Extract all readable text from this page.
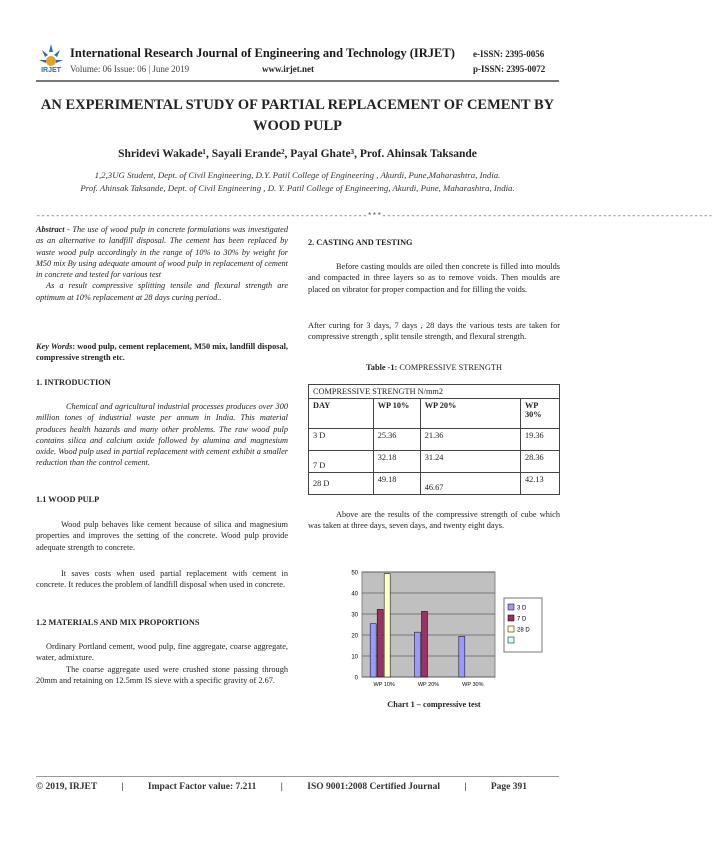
IRJET
International Research Journal of Engineering and Technology (IRJET) e-ISSN: 2395-0056
Volume: 06 Issue: 06 | June 2019	www.irjet.net	p-ISSN: 2395-0072
AN EXPERIMENTAL STUDY OF PARTIAL REPLACEMENT OF CEMENT BY WOOD PULP
Shridevi Wakade¹, Sayali Erande², Payal Ghate³, Prof. Ahinsak Taksande
1,2,3UG Student, Dept. of Civil Engineering, D.Y. Patil College of Engineering , Akurdi, Pune,Maharashtra, India.
Prof. Ahinsak Taksande, Dept. of Civil Engineering , D. Y. Patil College of Engineering, Akurdi, Pune, Maharashtra, India.
---------------------------------------------------------------------***---------------------------------------------------------------------
Abstract - The use of wood pulp in concrete formulations was investigated as an alternative to landfill disposal. The cement has been replaced by waste wood pulp accordingly in the range of 10% to 30% by weight for M50 mix By using adequate amount of wood pulp in replacement of cement in concrete and tested for various test
As a result compressive splitting tensile and flexural strength are optimum at 10% replacement at 28 days curing period..
Key Words: wood pulp, cement replacement, M50 mix, landfill disposal, compressive strength etc.
1. INTRODUCTION
Chemical and agricultural industrial processes produces over 300 million tones of industrial waste per annum in India. This material produces health hazards and many other problems. The raw wood pulp contains silica and calcium oxide followed by alumina and magnesium oxide. Wood pulp used in partial replacement with cement exhibit a smaller reduction than the control cement.
1.1 WOOD PULP
Wood pulp behaves like cement because of silica and magnesium properties and improves the setting of the concrete. Wood pulp provide adequate strength to concrete.
It saves costs when used partial replacement with cement in concrete. It reduces the problem of landfill disposal when used in concrete.
1.2 MATERIALS AND MIX PROPORTIONS
Ordinary Portland cement, wood pulp, fine aggregate, coarse aggregate, water, admixture.
The coarse aggregate used were crushed stone passing through 20mm and retaining on 12.5mm IS sieve with a specific gravity of 2.67.
2. CASTING AND TESTING
Before casting moulds are oiled then concrete is filled into moulds and compacted in three layers so as to remove voids. Then moulds are placed on vibrator for proper compaction and for filling the voids.
After curing for 3 days, 7 days , 28 days the various tests are taken for compressive strength , split tensile strength, and flexural strength.
Table -1: COMPRESSIVE STRENGTH
COMPRESSIVE STRENGTH N/mm2			
DAY	WP 10%	WP 20%	WP 30%
3 D	25.36	21.36	19.36
7 D	32.18	31.24	28.36
28 D	49.18	46.67	42.13
Above are the results of the compressive strength of cube which was taken at three days, seven days, and twenty eight days.
0
10
20
30
40
50
WP 10%	WP 20%	WP 30%
3 D
7 D
28 D
Chart 1 – compressive test
© 2019, IRJET	|	Impact Factor value: 7.211	|	ISO 9001:2008 Certified Journal	|	Page 391
